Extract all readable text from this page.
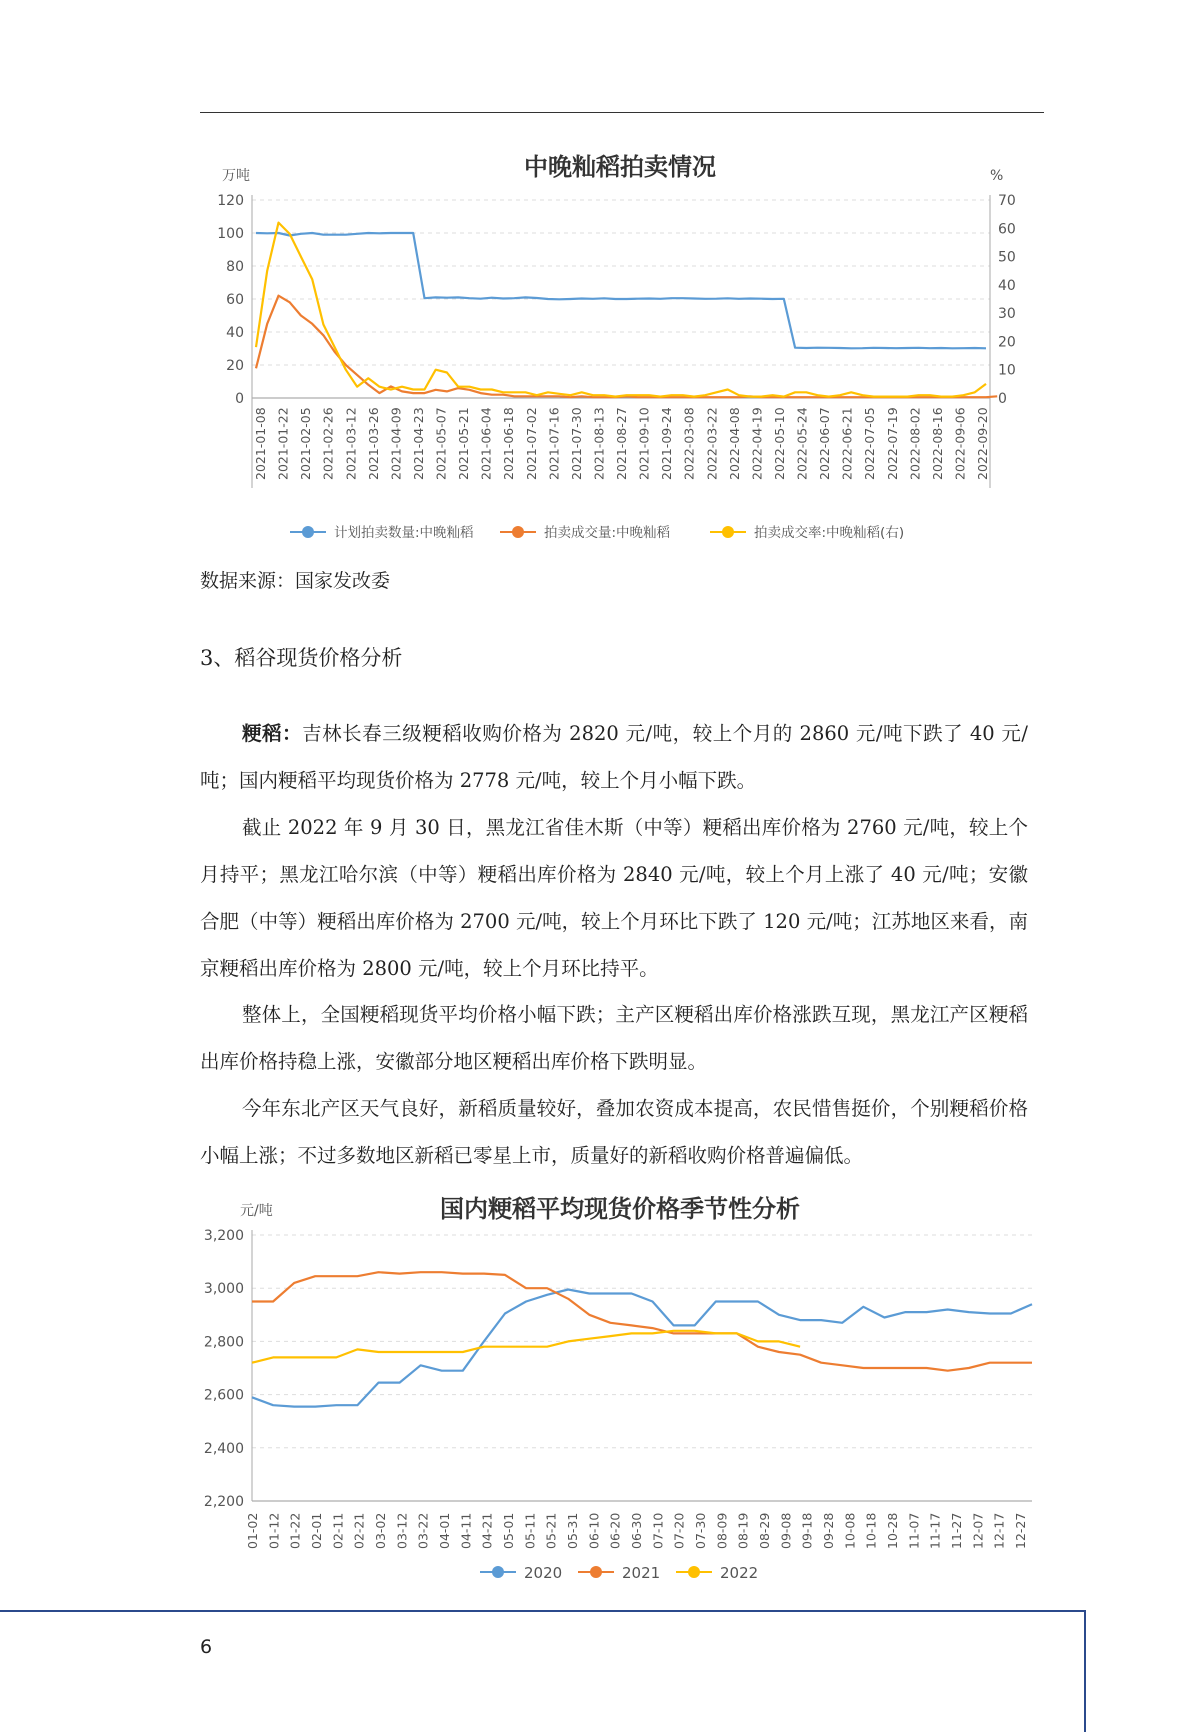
中晚籼稻拍卖情况
万吨	%
0
20
40
60
80
100
120
0
10
20
30
40
50
60
70
2021-01-08 2021-01-22 2021-02-05 2021-02-26 2021-03-12 2021-03-26 2021-04-09 2021-04-23 2021-05-07 2021-05-21 2021-06-04 2021-06-18 2021-07-02 2021-07-16 2021-07-30 2021-08-13 2021-08-27 2021-09-10 2021-09-24 2022-03-08 2022-03-22 2022-04-08 2022-04-19 2022-05-10 2022-05-24 2022-06-07 2022-06-21 2022-07-05 2022-07-19 2022-08-02 2022-08-16 2022-09-06 2022-09-20
计划拍卖数量:中晚籼稻	拍卖成交量:中晚籼稻	拍卖成交率:中晚籼稻(右)
数据来源：国家发改委
3、稻谷现货价格分析
粳稻：吉林长春三级粳稻收购价格为 2820 元/吨，较上个月的 2860 元/吨下跌了 40 元/吨；国内粳稻平均现货价格为 2778 元/吨，较上个月小幅下跌。
截止 2022 年 9 月 30 日，黑龙江省佳木斯（中等）粳稻出库价格为 2760 元/吨，较上个月持平；黑龙江哈尔滨（中等）粳稻出库价格为 2840 元/吨，较上个月上涨了 40 元/吨；安徽合肥（中等）粳稻出库价格为 2700 元/吨，较上个月环比下跌了 120 元/吨；江苏地区来看，南京粳稻出库价格为 2800 元/吨，较上个月环比持平。
整体上，全国粳稻现货平均价格小幅下跌；主产区粳稻出库价格涨跌互现，黑龙江产区粳稻出库价格持稳上涨，安徽部分地区粳稻出库价格下跌明显。
今年东北产区天气良好，新稻质量较好，叠加农资成本提高，农民惜售挺价，个别粳稻价格小幅上涨；不过多数地区新稻已零星上市，质量好的新稻收购价格普遍偏低。
国内粳稻平均现货价格季节性分析
元/吨
2,200
2,400
2,600
2,800
3,000
3,200
01-02 01-12 01-22 02-01 02-11 02-21 03-02 03-12 03-22 04-01 04-11 04-21 05-01 05-11 05-21 05-31 06-10 06-20 06-30 07-10 07-20 07-30 08-09 08-19 08-29 09-08 09-18 09-28 10-08 10-18 10-28 11-07 11-17 11-27 12-07 12-17 12-27
2020	2021	2022
6
